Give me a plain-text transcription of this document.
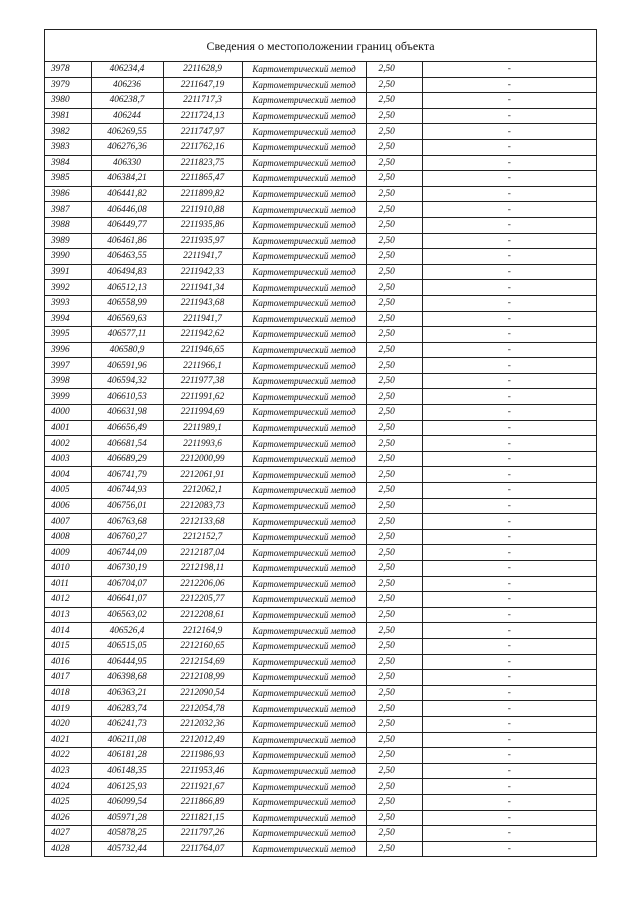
Сведения о местоположении границ объекта
3978	406234,4	2211628,9	Картометрический метод	2,50	-
3979	406236	2211647,19	Картометрический метод	2,50	-
3980	406238,7	2211717,3	Картометрический метод	2,50	-
3981	406244	2211724,13	Картометрический метод	2,50	-
3982	406269,55	2211747,97	Картометрический метод	2,50	-
3983	406276,36	2211762,16	Картометрический метод	2,50	-
3984	406330	2211823,75	Картометрический метод	2,50	-
3985	406384,21	2211865,47	Картометрический метод	2,50	-
3986	406441,82	2211899,82	Картометрический метод	2,50	-
3987	406446,08	2211910,88	Картометрический метод	2,50	-
3988	406449,77	2211935,86	Картометрический метод	2,50	-
3989	406461,86	2211935,97	Картометрический метод	2,50	-
3990	406463,55	2211941,7	Картометрический метод	2,50	-
3991	406494,83	2211942,33	Картометрический метод	2,50	-
3992	406512,13	2211941,34	Картометрический метод	2,50	-
3993	406558,99	2211943,68	Картометрический метод	2,50	-
3994	406569,63	2211941,7	Картометрический метод	2,50	-
3995	406577,11	2211942,62	Картометрический метод	2,50	-
3996	406580,9	2211946,65	Картометрический метод	2,50	-
3997	406591,96	2211966,1	Картометрический метод	2,50	-
3998	406594,32	2211977,38	Картометрический метод	2,50	-
3999	406610,53	2211991,62	Картометрический метод	2,50	-
4000	406631,98	2211994,69	Картометрический метод	2,50	-
4001	406656,49	2211989,1	Картометрический метод	2,50	-
4002	406681,54	2211993,6	Картометрический метод	2,50	-
4003	406689,29	2212000,99	Картометрический метод	2,50	-
4004	406741,79	2212061,91	Картометрический метод	2,50	-
4005	406744,93	2212062,1	Картометрический метод	2,50	-
4006	406756,01	2212083,73	Картометрический метод	2,50	-
4007	406763,68	2212133,68	Картометрический метод	2,50	-
4008	406760,27	2212152,7	Картометрический метод	2,50	-
4009	406744,09	2212187,04	Картометрический метод	2,50	-
4010	406730,19	2212198,11	Картометрический метод	2,50	-
4011	406704,07	2212206,06	Картометрический метод	2,50	-
4012	406641,07	2212205,77	Картометрический метод	2,50	-
4013	406563,02	2212208,61	Картометрический метод	2,50	-
4014	406526,4	2212164,9	Картометрический метод	2,50	-
4015	406515,05	2212160,65	Картометрический метод	2,50	-
4016	406444,95	2212154,69	Картометрический метод	2,50	-
4017	406398,68	2212108,99	Картометрический метод	2,50	-
4018	406363,21	2212090,54	Картометрический метод	2,50	-
4019	406283,74	2212054,78	Картометрический метод	2,50	-
4020	406241,73	2212032,36	Картометрический метод	2,50	-
4021	406211,08	2212012,49	Картометрический метод	2,50	-
4022	406181,28	2211986,93	Картометрический метод	2,50	-
4023	406148,35	2211953,46	Картометрический метод	2,50	-
4024	406125,93	2211921,67	Картометрический метод	2,50	-
4025	406099,54	2211866,89	Картометрический метод	2,50	-
4026	405971,28	2211821,15	Картометрический метод	2,50	-
4027	405878,25	2211797,26	Картометрический метод	2,50	-
4028	405732,44	2211764,07	Картометрический метод	2,50	-
